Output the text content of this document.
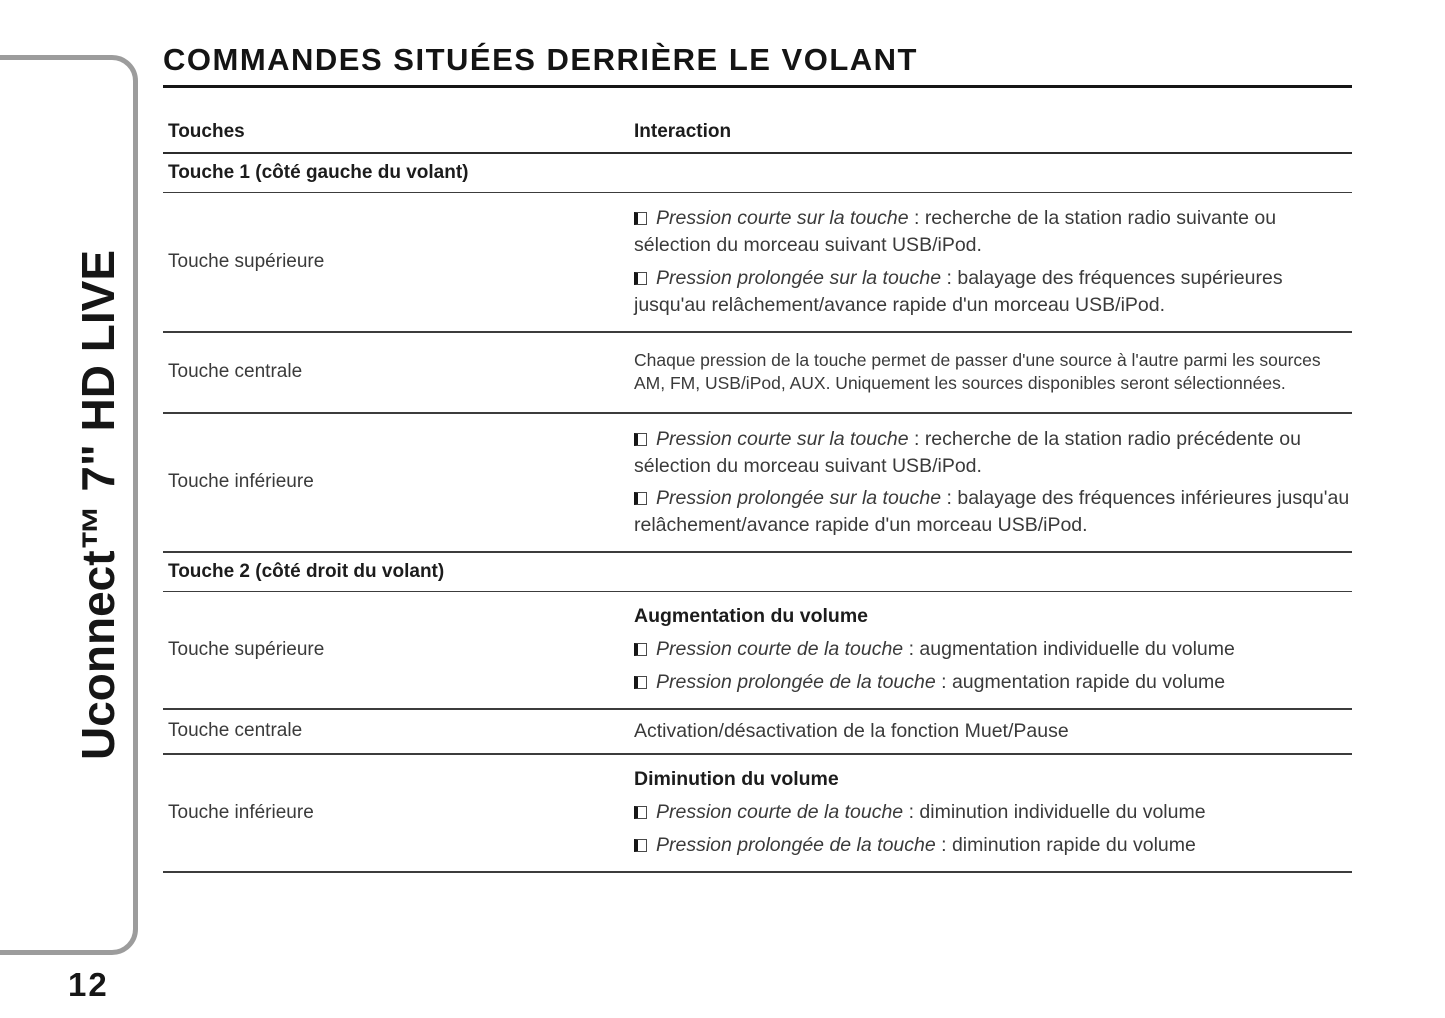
Uconnect™ 7" HD LIVE
12
COMMANDES SITUÉES DERRIÈRE LE VOLANT
Touches	Interaction
Touche 1 (côté gauche du volant)
Touche supérieure

Pression courte sur la touche : recherche de la station radio suivante ou sélection du morceau suivant USB/iPod.

Pression prolongée sur la touche : balayage des fréquences supérieures jusqu'au relâchement/avance rapide d'un morceau USB/iPod.

Touche centrale

Chaque pression de la touche permet de passer d'une source à l'autre parmi les sources AM, FM, USB/iPod, AUX. Uniquement les sources disponibles seront sélectionnées.

Touche inférieure

Pression courte sur la touche : recherche de la station radio précédente ou sélection du morceau suivant USB/iPod.

Pression prolongée sur la touche : balayage des fréquences inférieures jusqu'au relâchement/avance rapide d'un morceau USB/iPod.

Touche 2 (côté droit du volant)
Touche supérieure

Augmentation du volume

Pression courte de la touche : augmentation individuelle du volume

Pression prolongée de la touche : augmentation rapide du volume

Touche centrale	Activation/désactivation de la fonction Muet/Pause

Touche inférieure

Diminution du volume

Pression courte de la touche : diminution individuelle du volume

Pression prolongée de la touche : diminution rapide du volume
